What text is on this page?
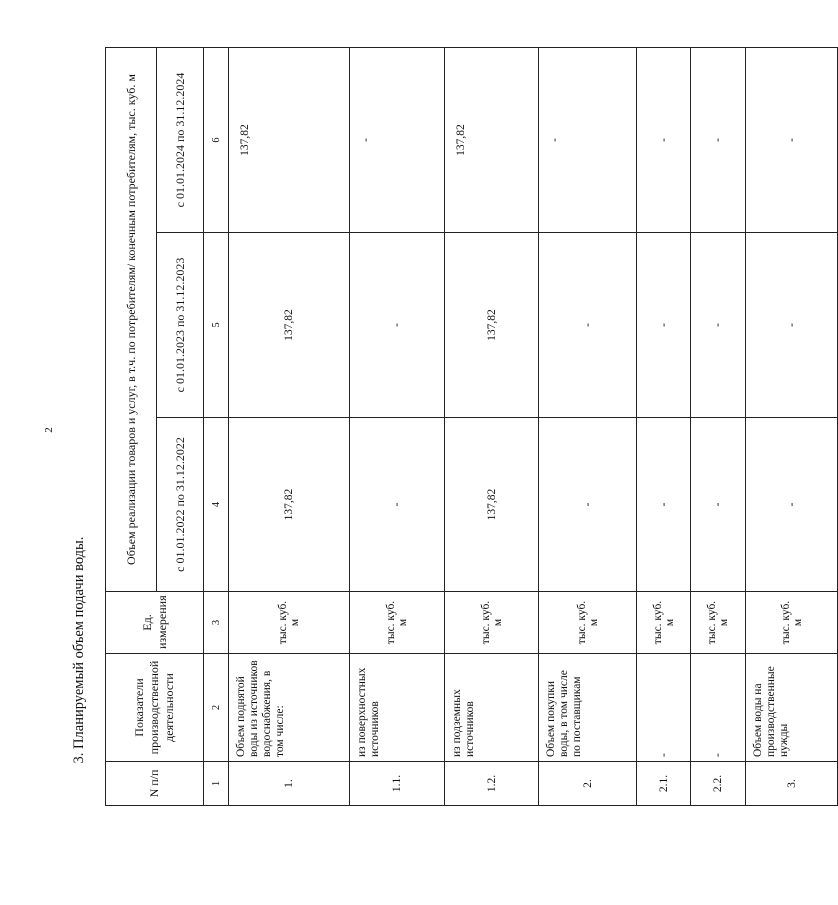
2
3. Планируемый объем подачи воды.
N п/п	Показатели производственной деятельности	Ед. измерения	Объем реализации товаров и услуг, в т.ч. по потребителям/ конечным потребителям, тыс. куб. м		
			с 01.01.2022 по 31.12.2022	с 01.01.2023 по 31.12.2023	с 01.01.2024 по 31.12.2024
1	2	3	4	5	6
1.	Объем поднятой воды из источников водоснабжения, в том числе:	тыс. куб. м	137,82	137,82	137,82
1.1.	из поверхностных источников	тыс. куб. м	-	-	-
1.2.	из подземных источников	тыс. куб. м	137,82	137,82	137,82
2.	Объем покупки воды, в том числе по поставщикам	тыс. куб. м	-	-	-
2.1.	-	тыс. куб. м	-	-	-
2.2.	-	тыс. куб. м	-	-	-
3.	Объем воды на производственные нужды	тыс. куб. м	-	-	-
